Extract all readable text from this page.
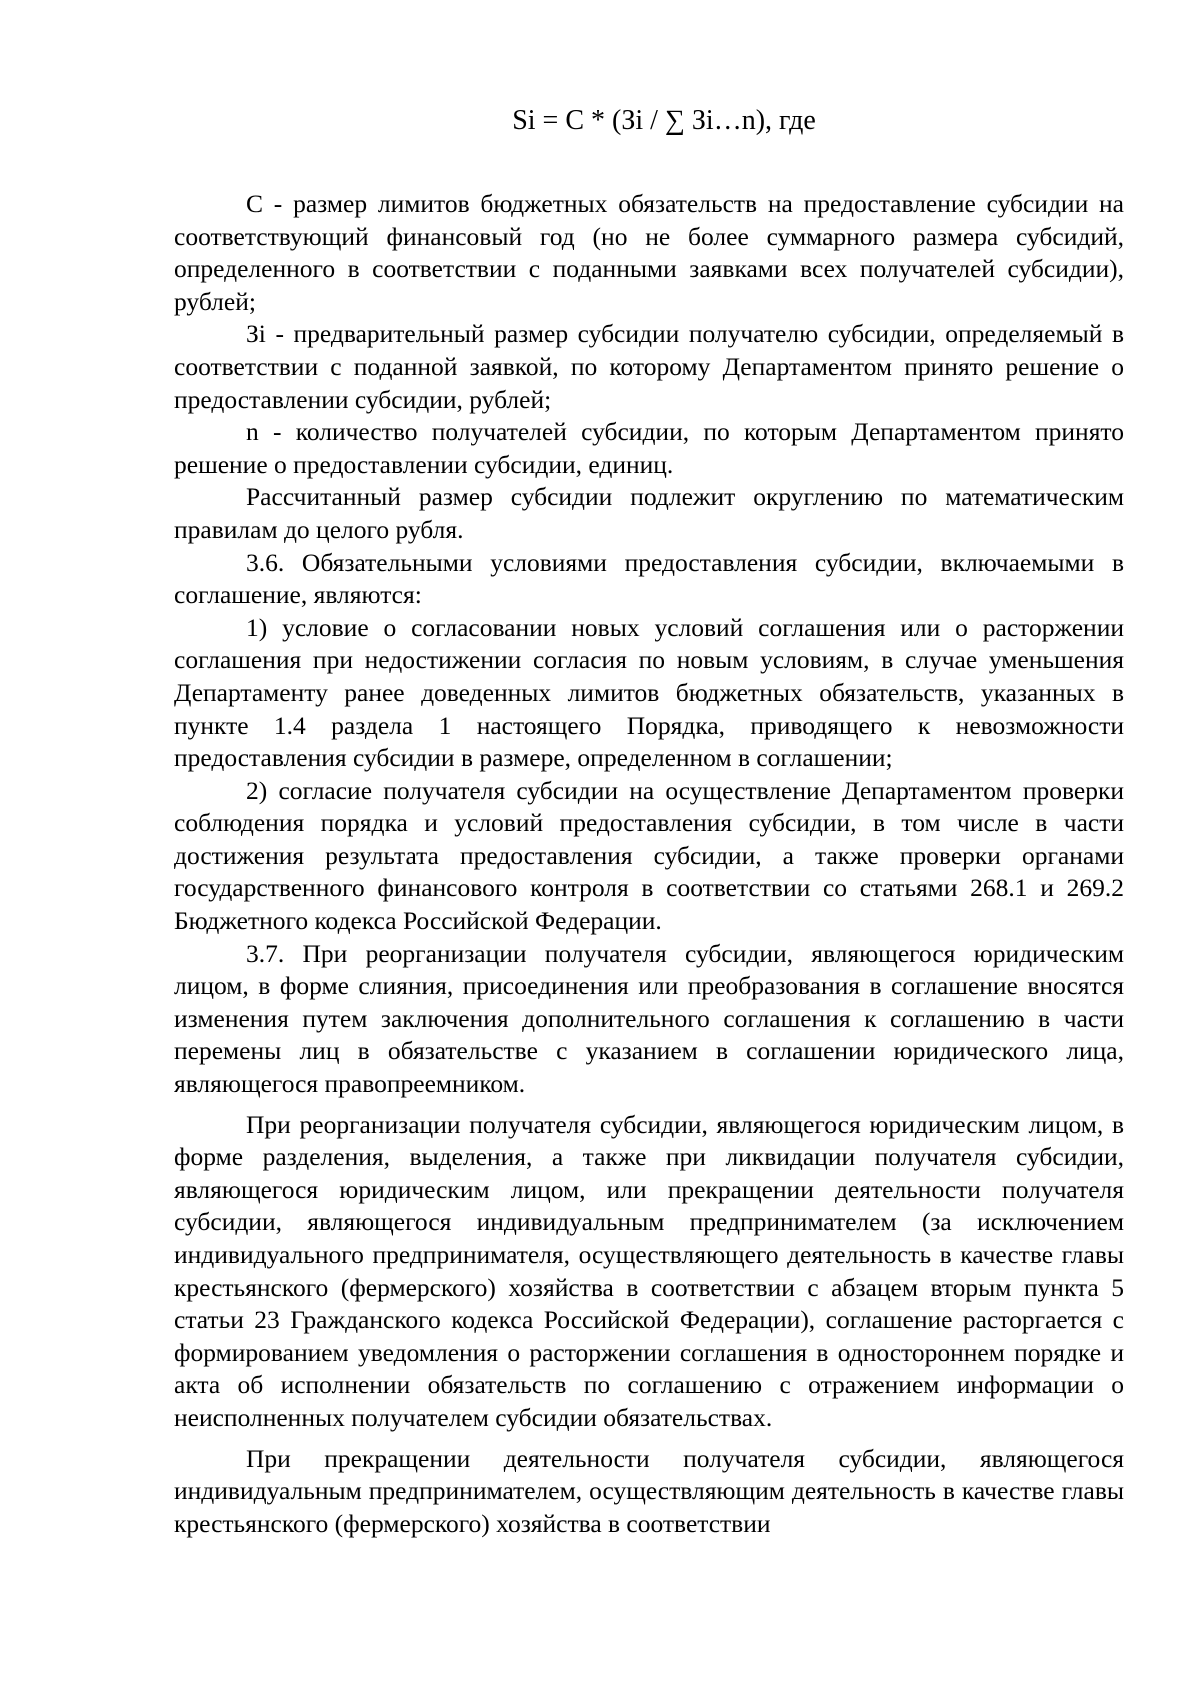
Si = C * (Зi / ∑ Зi…n), где

С - размер лимитов бюджетных обязательств на предоставление субсидии на соответствующий финансовый год (но не более суммарного размера субсидий, определенного в соответствии с поданными заявками всех получателей субсидии), рублей;

Зi - предварительный размер субсидии получателю субсидии, определяемый в соответствии с поданной заявкой, по которому Департаментом принято решение о предоставлении субсидии, рублей;

n - количество получателей субсидии, по которым Департаментом принято решение о предоставлении субсидии, единиц.

Рассчитанный размер субсидии подлежит округлению по математическим правилам до целого рубля.

3.6. Обязательными условиями предоставления субсидии, включаемыми в соглашение, являются:

1) условие о согласовании новых условий соглашения или о расторжении соглашения при недостижении согласия по новым условиям, в случае уменьшения Департаменту ранее доведенных лимитов бюджетных обязательств, указанных в пункте 1.4 раздела 1 настоящего Порядка, приводящего к невозможности предоставления субсидии в размере, определенном в соглашении;

2) согласие получателя субсидии на осуществление Департаментом проверки соблюдения порядка и условий предоставления субсидии, в том числе в части достижения результата предоставления субсидии, а также проверки органами государственного финансового контроля в соответствии со статьями 268.1 и 269.2 Бюджетного кодекса Российской Федерации.

3.7. При реорганизации получателя субсидии, являющегося юридическим лицом, в форме слияния, присоединения или преобразования в соглашение вносятся изменения путем заключения дополнительного соглашения к соглашению в части перемены лиц в обязательстве с указанием в соглашении юридического лица, являющегося правопреемником.

При реорганизации получателя субсидии, являющегося юридическим лицом, в форме разделения, выделения, а также при ликвидации получателя субсидии, являющегося юридическим лицом, или прекращении деятельности получателя субсидии, являющегося индивидуальным предпринимателем (за исключением индивидуального предпринимателя, осуществляющего деятельность в качестве главы крестьянского (фермерского) хозяйства в соответствии с абзацем вторым пункта 5 статьи 23 Гражданского кодекса Российской Федерации), соглашение расторгается с формированием уведомления о расторжении соглашения в одностороннем порядке и акта об исполнении обязательств по соглашению с отражением информации о неисполненных получателем субсидии обязательствах.

При прекращении деятельности получателя субсидии, являющегося индивидуальным предпринимателем, осуществляющим деятельность в качестве главы крестьянского (фермерского) хозяйства в соответствии
